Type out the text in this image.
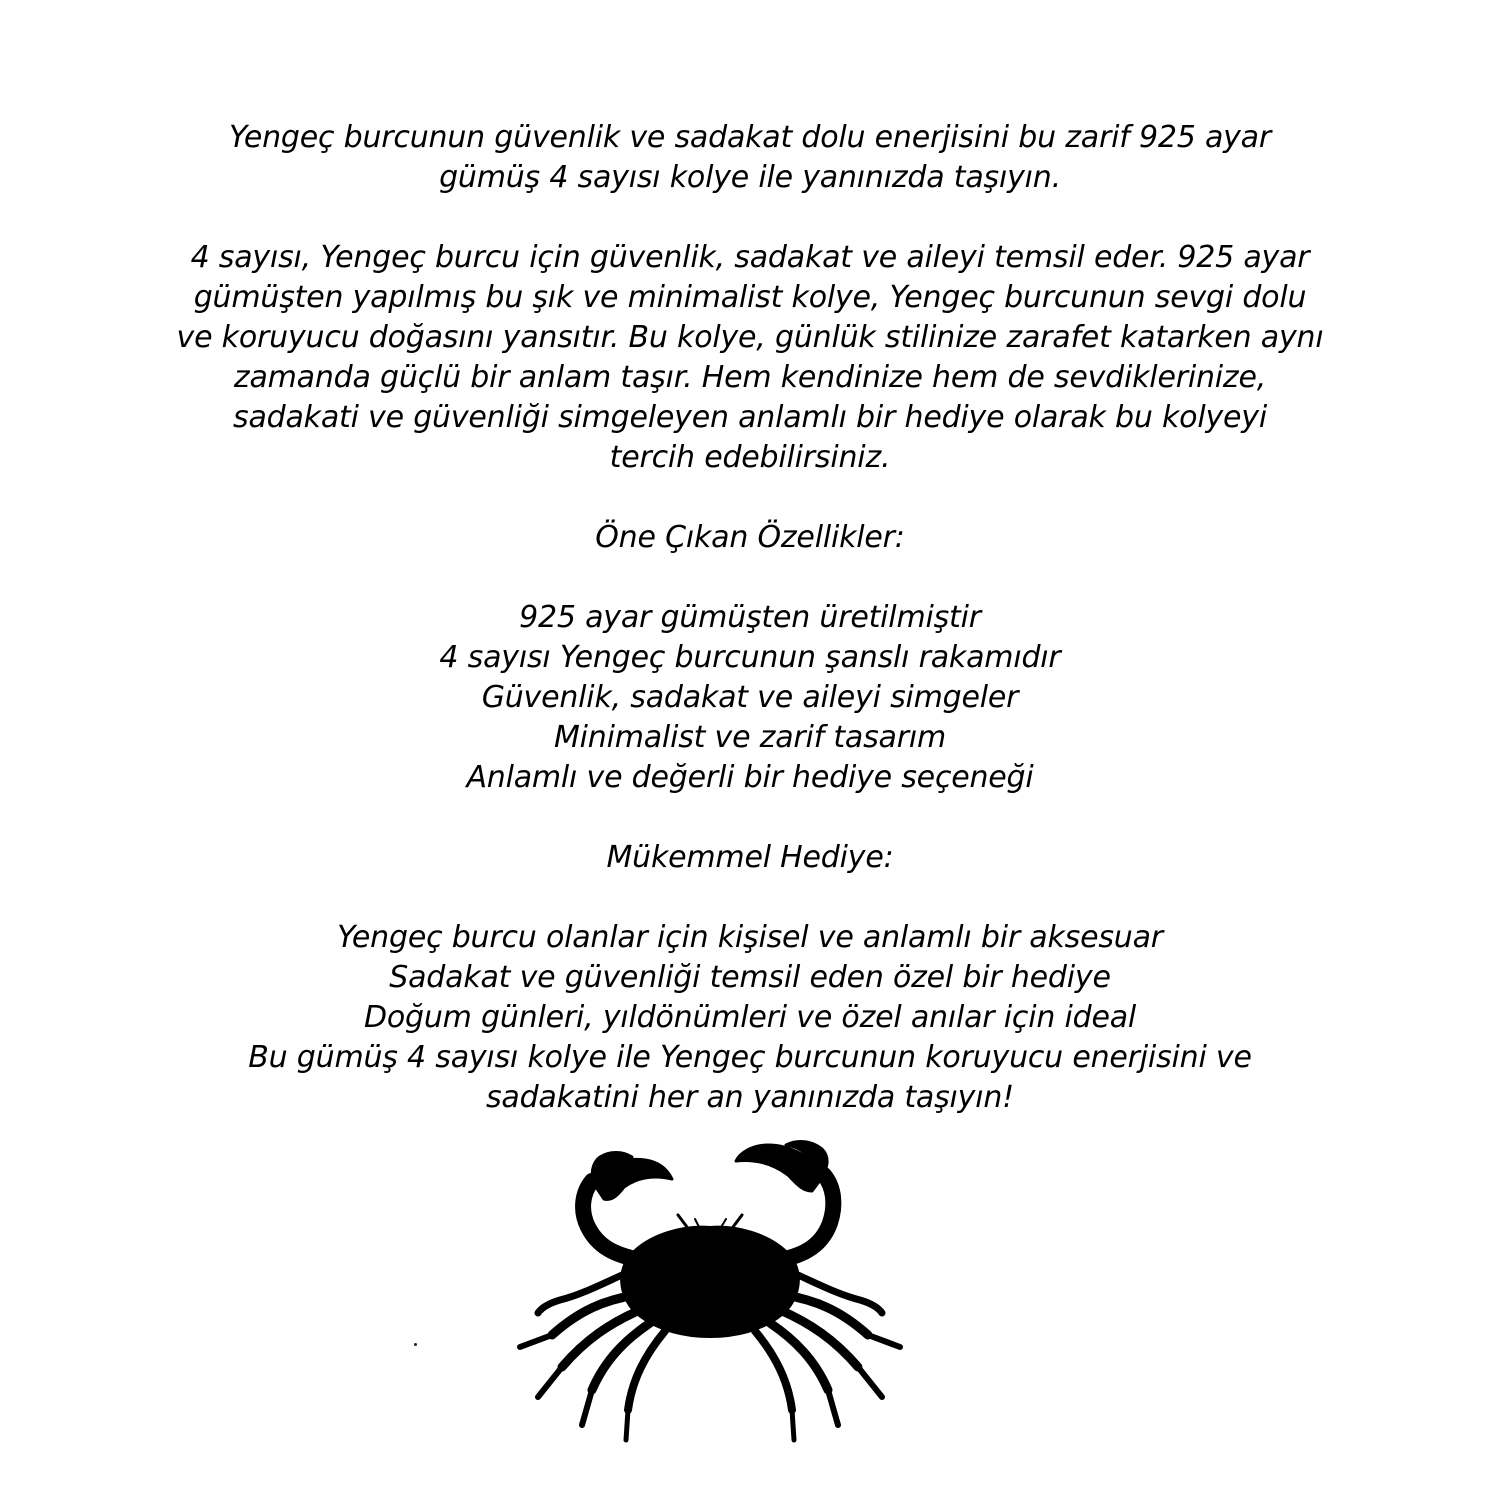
Yengeç burcunun güvenlik ve sadakat dolu enerjisini bu zarif 925 ayar
gümüş 4 sayısı kolye ile yanınızda taşıyın.

4 sayısı, Yengeç burcu için güvenlik, sadakat ve aileyi temsil eder. 925 ayar
gümüşten yapılmış bu şık ve minimalist kolye, Yengeç burcunun sevgi dolu
ve koruyucu doğasını yansıtır. Bu kolye, günlük stilinize zarafet katarken aynı
zamanda güçlü bir anlam taşır. Hem kendinize hem de sevdiklerinize,
sadakati ve güvenliği simgeleyen anlamlı bir hediye olarak bu kolyeyi
tercih edebilirsiniz.

Öne Çıkan Özellikler:

925 ayar gümüşten üretilmiştir
4 sayısı Yengeç burcunun şanslı rakamıdır
Güvenlik, sadakat ve aileyi simgeler
Minimalist ve zarif tasarım
Anlamlı ve değerli bir hediye seçeneği

Mükemmel Hediye:

Yengeç burcu olanlar için kişisel ve anlamlı bir aksesuar
Sadakat ve güvenliği temsil eden özel bir hediye
Doğum günleri, yıldönümleri ve özel anılar için ideal
Bu gümüş 4 sayısı kolye ile Yengeç burcunun koruyucu enerjisini ve
sadakatini her an yanınızda taşıyın!
